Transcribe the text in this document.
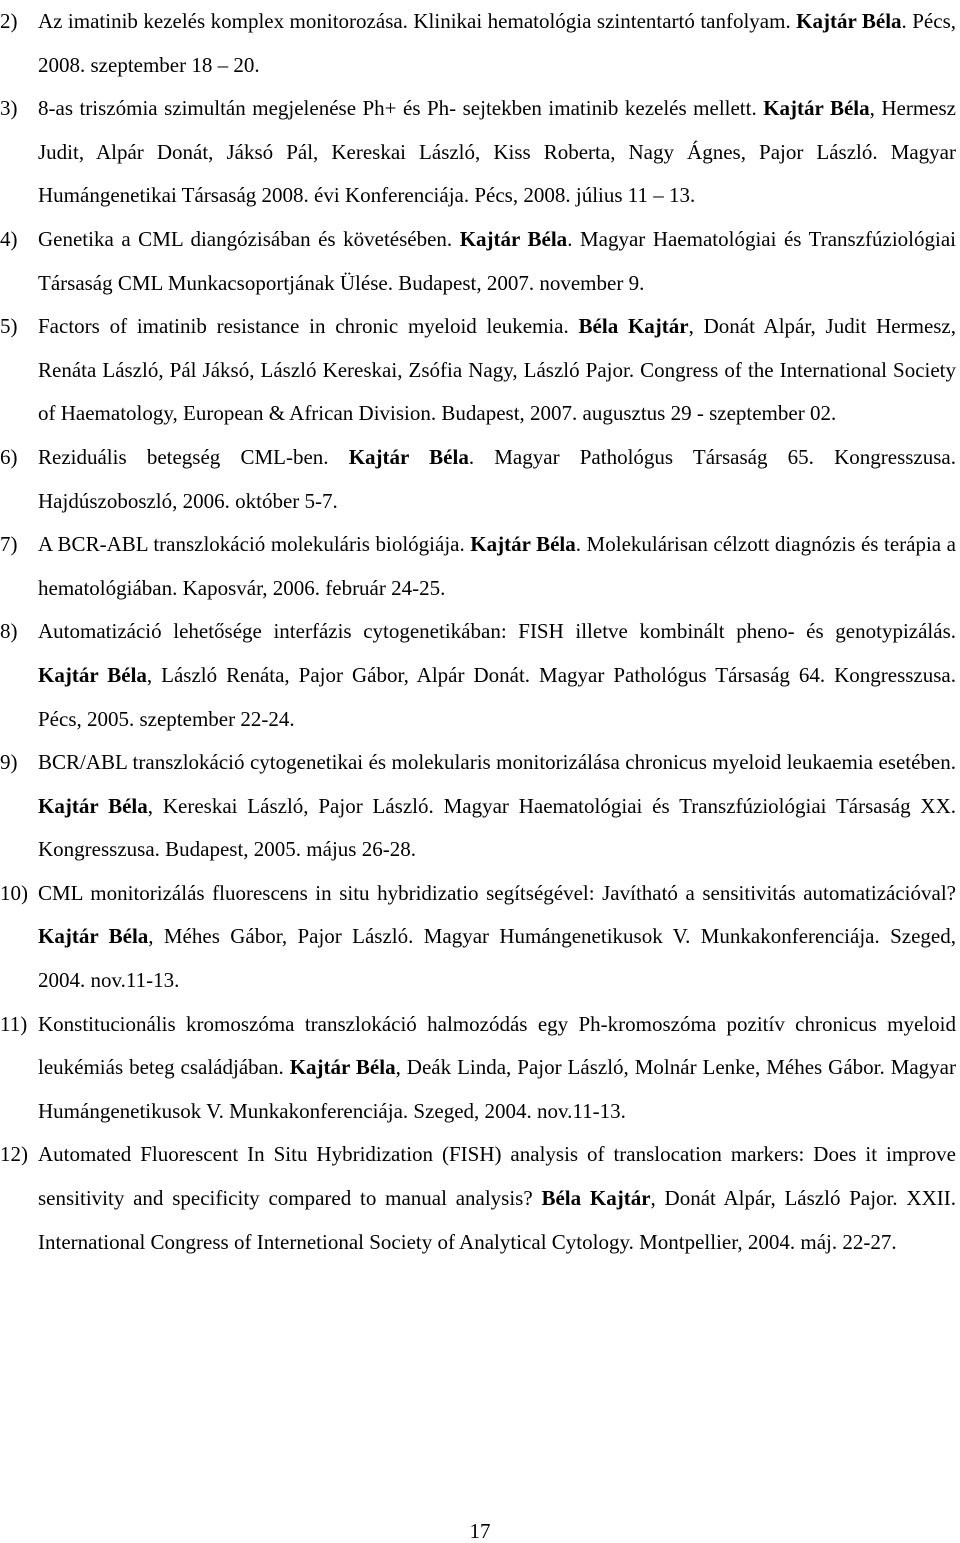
2) Az imatinib kezelés komplex monitorozása. Klinikai hematológia szintentartó tanfolyam. Kajtár Béla. Pécs, 2008. szeptember 18 – 20.
3) 8-as triszómia szimultán megjelenése Ph+ és Ph- sejtekben imatinib kezelés mellett. Kajtár Béla, Hermesz Judit, Alpár Donát, Jáksó Pál, Kereskai László, Kiss Roberta, Nagy Ágnes, Pajor László. Magyar Humángenetikai Társaság 2008. évi Konferenciája. Pécs, 2008. július 11 – 13.
4) Genetika a CML diangózisában és követésében. Kajtár Béla. Magyar Haematológiai és Transzfúziológiai Társaság CML Munkacsoportjának Ülése. Budapest, 2007. november 9.
5) Factors of imatinib resistance in chronic myeloid leukemia. Béla Kajtár, Donát Alpár, Judit Hermesz, Renáta László, Pál Jáksó, László Kereskai, Zsófia Nagy, László Pajor. Congress of the International Society of Haematology, European & African Division. Budapest, 2007. augusztus 29 - szeptember 02.
6) Reziduális betegség CML-ben. Kajtár Béla. Magyar Pathológus Társaság 65. Kongresszusa. Hajdúszoboszló, 2006. október 5-7.
7) A BCR-ABL transzlokáció molekuláris biológiája. Kajtár Béla. Molekulárisan célzott diagnózis és terápia a hematológiában. Kaposvár, 2006. február 24-25.
8) Automatizáció lehetősége interfázis cytogenetikában: FISH illetve kombinált pheno- és genotypizálás. Kajtár Béla, László Renáta, Pajor Gábor, Alpár Donát. Magyar Pathológus Társaság 64. Kongresszusa. Pécs, 2005. szeptember 22-24.
9) BCR/ABL transzlokáció cytogenetikai és molekularis monitorizálása chronicus myeloid leukaemia esetében. Kajtár Béla, Kereskai László, Pajor László. Magyar Haematológiai és Transzfúziológiai Társaság XX. Kongresszusa. Budapest, 2005. május 26-28.
10) CML monitorizálás fluorescens in situ hybridizatio segítségével: Javítható a sensitivitás automatizációval? Kajtár Béla, Méhes Gábor, Pajor László. Magyar Humángenetikusok V. Munkakonferenciája. Szeged, 2004. nov.11-13.
11) Konstitucionális kromoszóma transzlokáció halmozódás egy Ph-kromoszóma pozitív chronicus myeloid leukémiás beteg családjában. Kajtár Béla, Deák Linda, Pajor László, Molnár Lenke, Méhes Gábor. Magyar Humángenetikusok V. Munkakonferenciája. Szeged, 2004. nov.11-13.
12) Automated Fluorescent In Situ Hybridization (FISH) analysis of translocation markers: Does it improve sensitivity and specificity compared to manual analysis? Béla Kajtár, Donát Alpár, László Pajor. XXII. International Congress of Internetional Society of Analytical Cytology. Montpellier, 2004. máj. 22-27.
17
